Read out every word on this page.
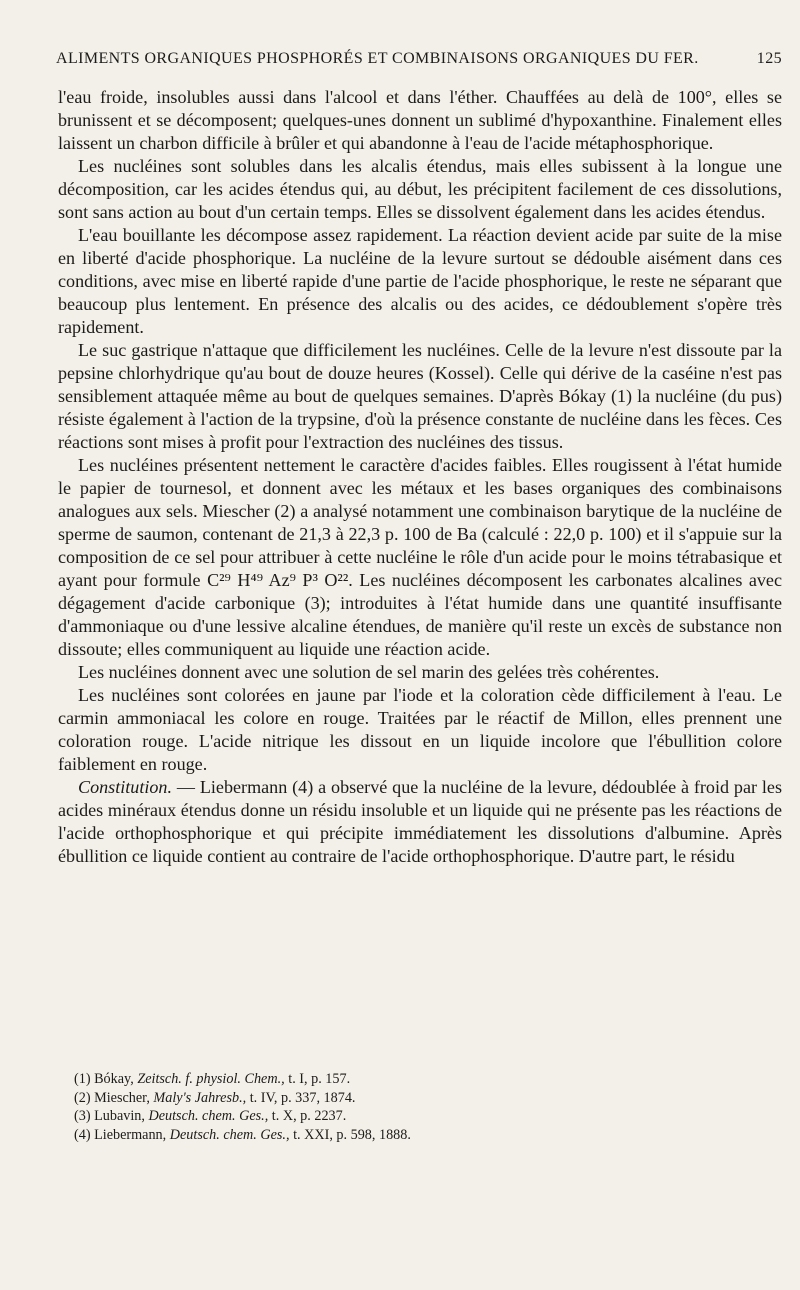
ALIMENTS ORGANIQUES PHOSPHORÉS ET COMBINAISONS ORGANIQUES DU FER.	125

l'eau froide, insolubles aussi dans l'alcool et dans l'éther. Chauffées au delà de 100°, elles se brunissent et se décomposent; quelques-unes donnent un sublimé d'hypoxanthine. Finalement elles laissent un charbon difficile à brûler et qui abandonne à l'eau de l'acide métaphosphorique.

Les nucléines sont solubles dans les alcalis étendus, mais elles subissent à la longue une décomposition, car les acides étendus qui, au début, les précipitent facilement de ces dissolutions, sont sans action au bout d'un certain temps. Elles se dissolvent également dans les acides étendus.

L'eau bouillante les décompose assez rapidement. La réaction devient acide par suite de la mise en liberté d'acide phosphorique. La nucléine de la levure surtout se dédouble aisément dans ces conditions, avec mise en liberté rapide d'une partie de l'acide phosphorique, le reste ne séparant que beaucoup plus lentement. En présence des alcalis ou des acides, ce dédoublement s'opère très rapidement.

Le suc gastrique n'attaque que difficilement les nucléines. Celle de la levure n'est dissoute par la pepsine chlorhydrique qu'au bout de douze heures (Kossel). Celle qui dérive de la caséine n'est pas sensiblement attaquée même au bout de quelques semaines. D'après Bókay (1) la nucléine (du pus) résiste également à l'action de la trypsine, d'où la présence constante de nucléine dans les fèces. Ces réactions sont mises à profit pour l'extraction des nucléines des tissus.

Les nucléines présentent nettement le caractère d'acides faibles. Elles rougissent à l'état humide le papier de tournesol, et donnent avec les métaux et les bases organiques des combinaisons analogues aux sels. Miescher (2) a analysé notamment une combinaison barytique de la nucléine de sperme de saumon, contenant de 21,3 à 22,3 p. 100 de Ba (calculé : 22,0 p. 100) et il s'appuie sur la composition de ce sel pour attribuer à cette nucléine le rôle d'un acide pour le moins tétrabasique et ayant pour formule C²⁹ H⁴⁹ Az⁹ P³ O²². Les nucléines décomposent les carbonates alcalines avec dégagement d'acide carbonique (3); introduites à l'état humide dans une quantité insuffisante d'ammoniaque ou d'une lessive alcaline étendues, de manière qu'il reste un excès de substance non dissoute; elles communiquent au liquide une réaction acide.

Les nucléines donnent avec une solution de sel marin des gelées très cohérentes.

Les nucléines sont colorées en jaune par l'iode et la coloration cède difficilement à l'eau. Le carmin ammoniacal les colore en rouge. Traitées par le réactif de Millon, elles prennent une coloration rouge. L'acide nitrique les dissout en un liquide incolore que l'ébullition colore faiblement en rouge.

Constitution. — Liebermann (4) a observé que la nucléine de la levure, dédoublée à froid par les acides minéraux étendus donne un résidu insoluble et un liquide qui ne présente pas les réactions de l'acide orthophosphorique et qui précipite immédiatement les dissolutions d'albumine. Après ébullition ce liquide contient au contraire de l'acide orthophosphorique. D'autre part, le résidu

(1) Bókay, Zeitsch. f. physiol. Chem., t. I, p. 157.
(2) Miescher, Maly's Jahresb., t. IV, p. 337, 1874.
(3) Lubavin, Deutsch. chem. Ges., t. X, p. 2237.
(4) Liebermann, Deutsch. chem. Ges., t. XXI, p. 598, 1888.
